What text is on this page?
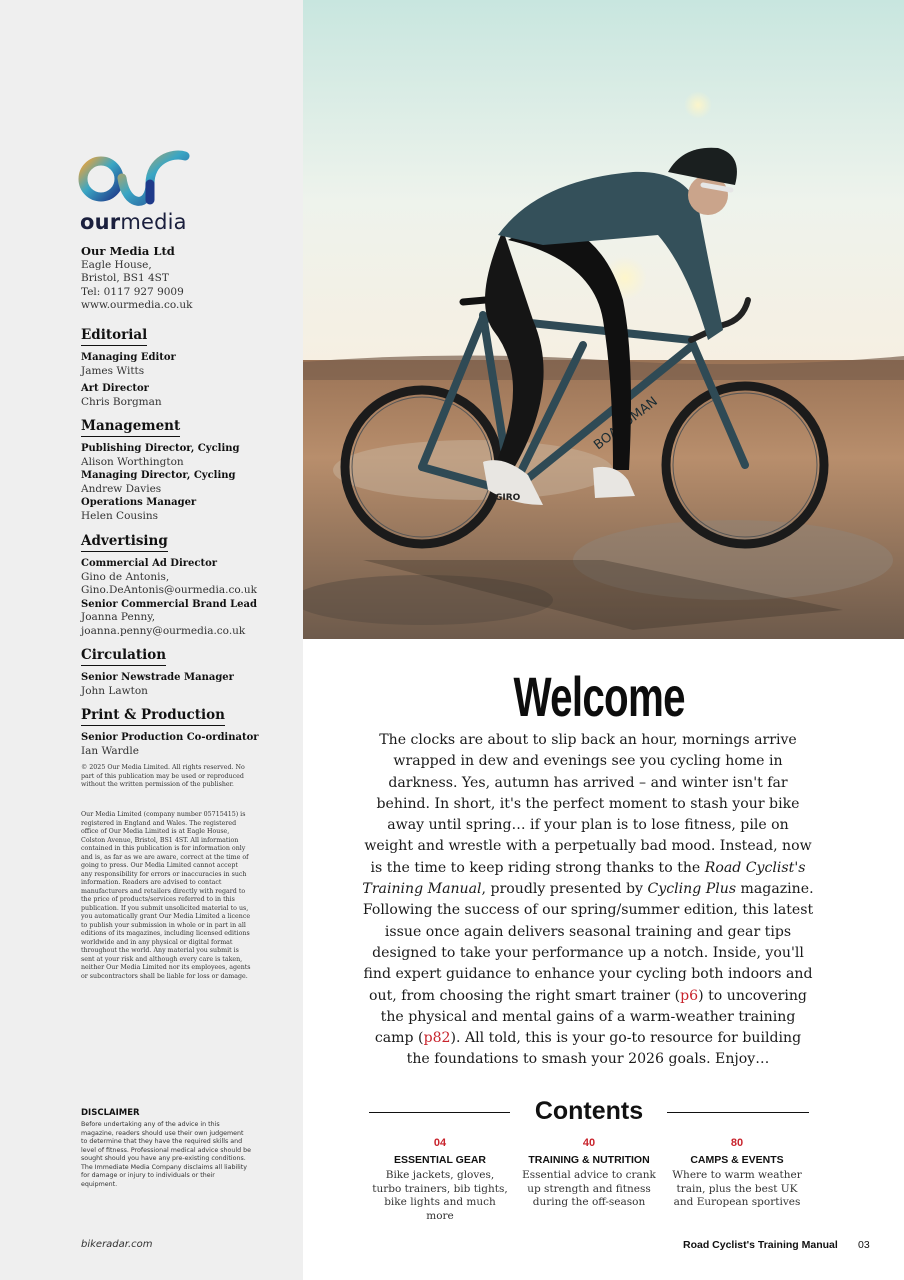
ourmedia
Our Media Ltd
Eagle House,
Bristol, BS1 4ST
Tel: 0117 927 9009
www.ourmedia.co.uk
Editorial
Managing Editor
James Witts
Art Director
Chris Borgman
Management
Publishing Director, Cycling
Alison Worthington
Managing Director, Cycling
Andrew Davies
Operations Manager
Helen Cousins
Advertising
Commercial Ad Director
Gino de Antonis,
Gino.DeAntonis@ourmedia.co.uk
Senior Commercial Brand Lead
Joanna Penny,
joanna.penny@ourmedia.co.uk
Circulation
Senior Newstrade Manager
John Lawton
Print & Production
Senior Production Co-ordinator
Ian Wardle
© 2025 Our Media Limited. All rights reserved. No part of this publication may be used or reproduced without the written permission of the publisher.
Our Media Limited (company number 05715415) is registered in England and Wales. The registered office of Our Media Limited is at Eagle House, Colston Avenue, Bristol, BS1 4ST. All information contained in this publication is for information only and is, as far as we are aware, correct at the time of going to press. Our Media Limited cannot accept any responsibility for errors or inaccuracies in such information. Readers are advised to contact manufacturers and retailers directly with regard to the price of products/services referred to in this publication. If you submit unsolicited material to us, you automatically grant Our Media Limited a licence to publish your submission in whole or in part in all editions of its magazines, including licensed editions worldwide and in any physical or digital format throughout the world. Any material you submit is sent at your risk and although every care is taken, neither Our Media Limited nor its employees, agents or subcontractors shall be liable for loss or damage.
DISCLAIMER
Before undertaking any of the advice in this magazine, readers should use their own judgement to determine that they have the required skills and level of fitness. Professional medical advice should be sought should you have any pre-existing conditions. The Immediate Media Company disclaims all liability for damage or injury to individuals or their equipment.
bikeradar.com
GIRO
Welcome

The clocks are about to slip back an hour, mornings arrive wrapped in dew and evenings see you cycling home in darkness. Yes, autumn has arrived – and winter isn't far behind. In short, it's the perfect moment to stash your bike away until spring… if your plan is to lose fitness, pile on weight and wrestle with a perpetually bad mood. Instead, now is the time to keep riding strong thanks to the Road Cyclist's Training Manual, proudly presented by Cycling Plus magazine. Following the success of our spring/summer edition, this latest issue once again delivers seasonal training and gear tips designed to take your performance up a notch. Inside, you'll find expert guidance to enhance your cycling both indoors and out, from choosing the right smart trainer (p6) to uncovering the physical and mental gains of a warm-weather training camp (p82). All told, this is your go-to resource for building the foundations to smash your 2026 goals. Enjoy…

Contents
04
ESSENTIAL GEAR
Bike jackets, gloves, turbo trainers, bib tights, bike lights and much more
40
TRAINING & NUTRITION
Essential advice to crank up strength and fitness during the off-season
80
CAMPS & EVENTS
Where to warm weather train, plus the best UK and European sportives
Road Cyclist's Training Manual 03
